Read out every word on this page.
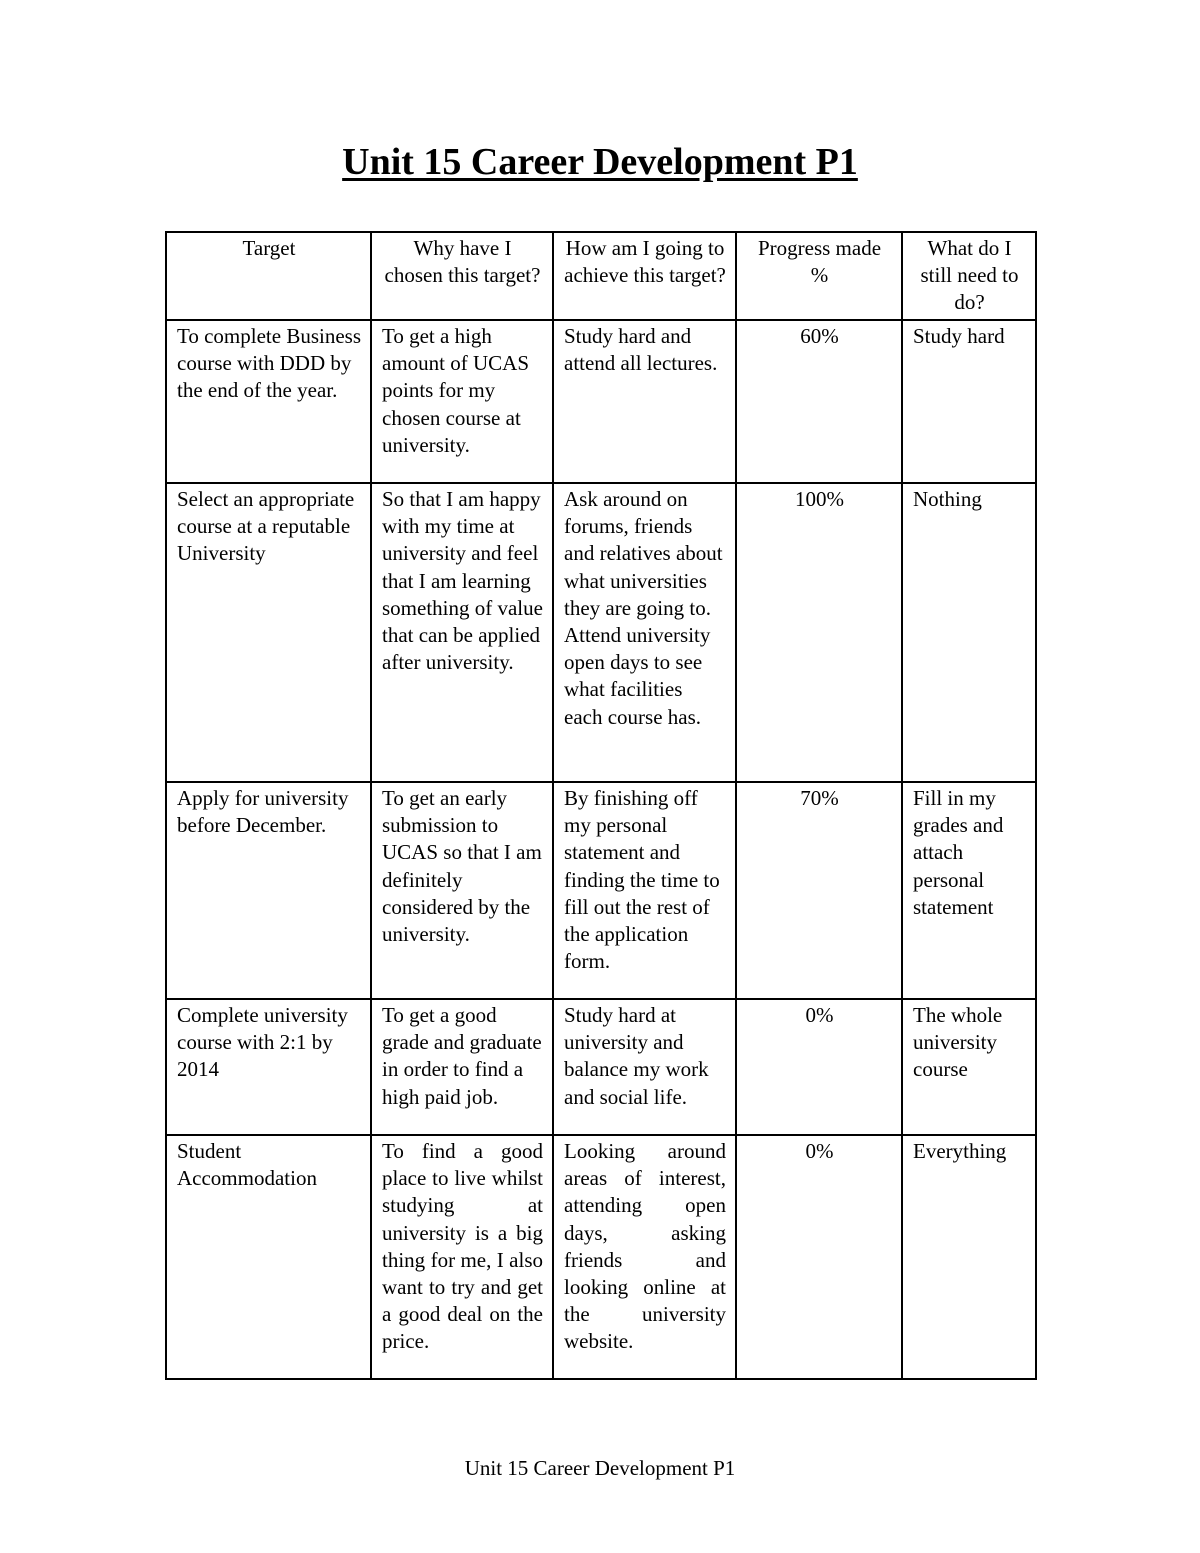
Unit 15 Career Development P1
Target	Why have I chosen this target?	How am I going to achieve this target?	Progress made %	What do I still need to do?
To complete Business course with DDD by the end of the year.	To get a high amount of UCAS points for my chosen course at university.	Study hard and attend all lectures.	60%	Study hard
Select an appropriate course at a reputable University	So that I am happy with my time at university and feel that I am learning something of value that can be applied after university.	Ask around on forums, friends and relatives about what universities they are going to. Attend university open days to see what facilities each course has.	100%	Nothing
Apply for university before December.	To get an early submission to UCAS so that I am definitely considered by the university.	By finishing off my personal statement and finding the time to fill out the rest of the application form.	70%	Fill in my grades and attach personal statement
Complete university course with 2:1 by 2014	To get a good grade and graduate in order to find a high paid job.	Study hard at university and balance my work and social life.	0%	The whole university course
Student Accommodation	To find a good place to live whilst studying at university is a big thing for me, I also want to try and get a good deal on the price.	Looking around areas of interest, attending open days, asking friends and looking online at the university website.	0%	Everything
Unit 15 Career Development P1
